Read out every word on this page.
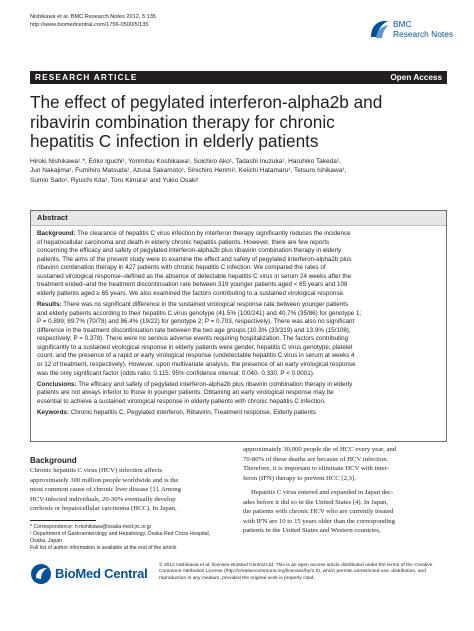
Nishikawa et al. BMC Research Notes 2012, 5:135
http://www.biomedcentral.com/1756-0500/5/135	BMC
Research Notes
RESEARCH ARTICLE	Open Access
The effect of pegylated interferon-alpha2b and
ribavirin combination therapy for chronic
hepatitis C infection in elderly patients
Hiroki Nishikawa¹˒*, Eriko Iguchi¹, Yorimitsu Koshikawa¹, Soichiro Ako¹, Tadashi Inuzuka¹, Haruhiko Takeda¹,
Jun Nakajima¹, Fumihiro Matsuda¹, Azusa Sakamoto¹, Sinichiro Henmi¹, Keiichi Hatamaru¹, Tetsuro Ishikawa¹,
Sumio Saito¹, Ryuichi Kita¹, Toru Kimura¹ and Yukio Osaki¹
Abstract
Background: The clearance of hepatitis C virus infection by interferon therapy significantly reduces the incidence
of hepatocellular carcinoma and death in elderly chronic hepatitis patients. However, there are few reports
concerning the efficacy and safety of pegylated interferon-alpha2b plus ribavirin combination therapy in elderly
patients. The aims of the present study were to examine the effect and safety of pegylated interferon-alpha2b plus
ribavirin combination therapy in 427 patients with chronic hepatitis C infection. We compared the rates of
sustained virological response–defined as the absence of detectable hepatitis C virus in serum 24 weeks after the
treatment ended–and the treatment discontinuation rate between 319 younger patients aged < 65 years and 108
elderly patients aged ≥ 65 years. We also examined the factors contributing to a sustained virological response.
Results: There was no significant difference in the sustained virological response rate between younger patients
and elderly patients according to their hepatitis C virus genotype (41.5% (100/241) and 40.7% (35/86) for genotype 1;
P = 0.899; 89.7% (70/78) and 86.4% (19/22) for genotype 2; P = 0.703, respectively). There was also no significant
difference in the treatment discontinuation rate between the two age groups (10.3% (33/319) and 13.9% (15/108),
respectively; P = 0.378). There were no serious adverse events requiring hospitalization. The factors contributing
significantly to a sustained virological response in elderly patients were gender, hepatitis C virus genotype, platelet
count, and the presence of a rapid or early virological response (undetectable hepatitis C virus in serum at weeks 4
or 12 of treatment, respectively). However, upon multivariate analysis, the presence of an early virological response
was the only significant factor (odds ratio: 0.115, 95% confidence interval: 0.040- 0.330, P < 0.0001).
Conclusions: The efficacy and safety of pegylated interferon-alpha2b plus ribavirin combination therapy in elderly
patients are not always inferior to those in younger patients. Obtaining an early virological response may be
essential to achieve a sustained virological response in elderly patients with chronic hepatitis C infection.
Keywords: Chronic hepatitis C, Pegylated interferon, Ribavirin, Treatment response, Elderly patients
Background
Chronic hepatitis C virus (HCV) infection affects
approximately 300 million people worldwide and is the
most common cause of chronic liver disease [1]. Among
HCV-infected individuals, 20-30% eventually develop
cirrhosis or hepatocellular carcinoma (HCC). In Japan,
approximately 30,000 people die of HCC every year, and
70-80% of these deaths are because of HCV infection.
Therefore, it is important to eliminate HCV with inter-
feron (IFN) therapy to prevent HCC [2,3].
Hepatitis C virus entered and expanded in Japan dec-
ades before it did so in the United States [4]. In Japan,
the patients with chronic HCV who are currently treated
with IFN are 10 to 15 years older than the corresponding
patients in the United States and Western countries,
* Correspondence: h-nishikawa@osaka-med.jrc.or.jp
¹ Department of Gastroenterology and Hepatology, Osaka Red Cross Hospital,
Osaka, Japan
Full list of author information is available at the end of the article
BioMed Central
© 2012 Nishikawa et al; licensee BioMed Central Ltd. This is an open access article distributed under the terms of the Creative
Commons Attribution License (http://creativecommons.org/licenses/by/2.0), which permits unrestricted use, distribution, and
reproduction in any medium, provided the original work is properly cited.
